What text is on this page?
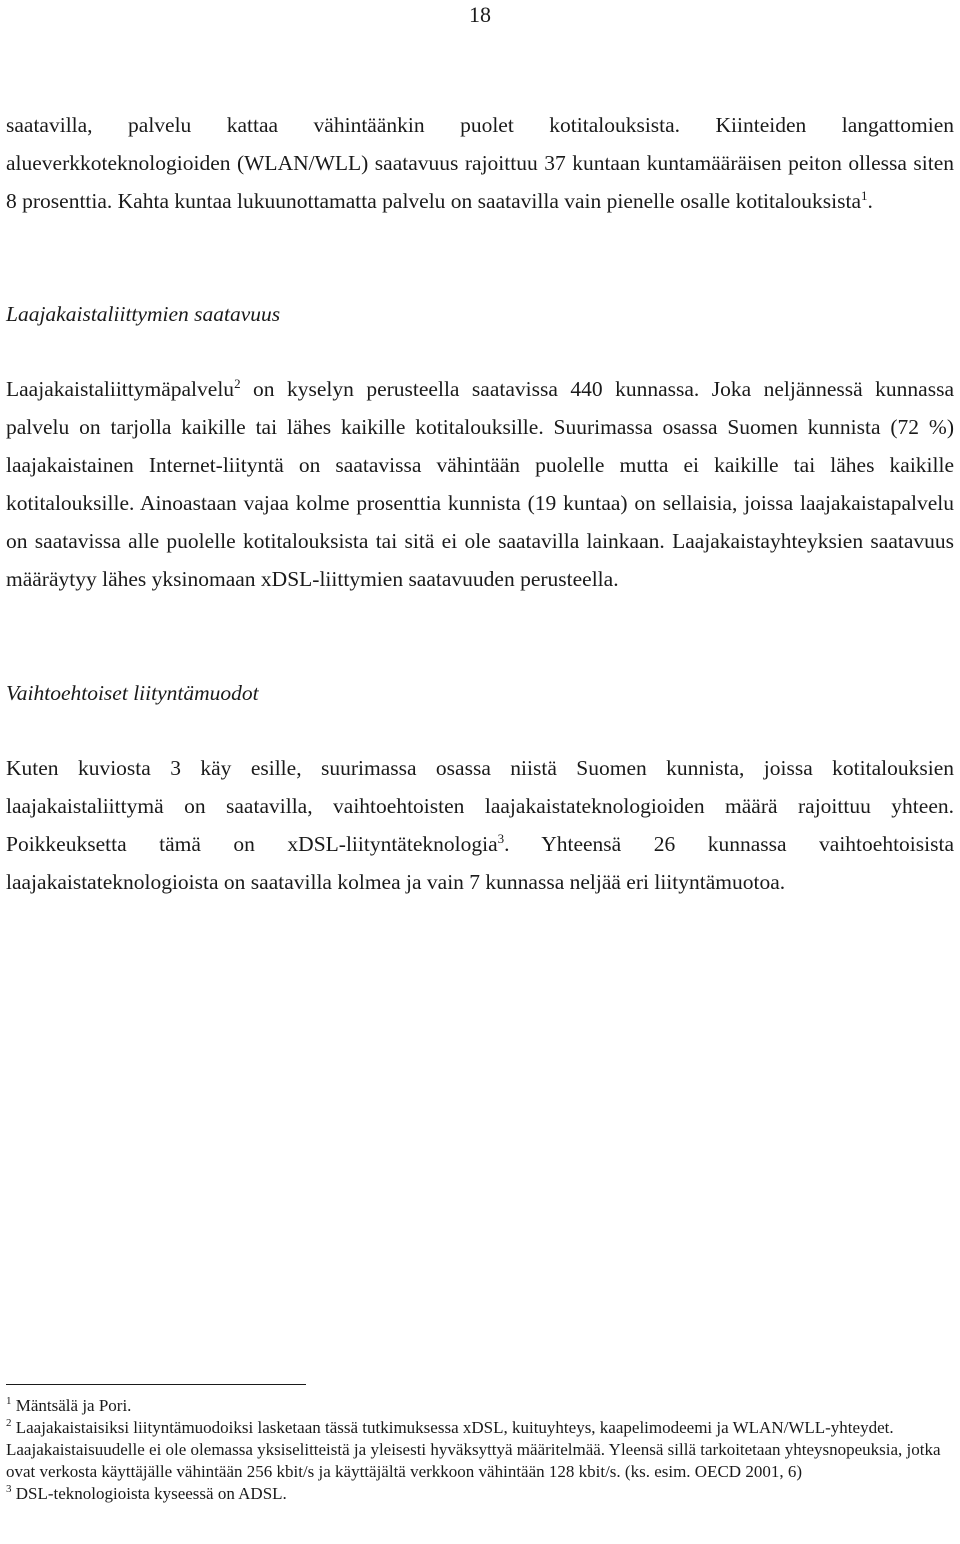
18

saatavilla, palvelu kattaa vähintäänkin puolet kotitalouksista. Kiinteiden langattomien alueverkkoteknologioiden (WLAN/WLL) saatavuus rajoittuu 37 kuntaan kuntamääräisen peiton ollessa siten 8 prosenttia. Kahta kuntaa lukuunottamatta palvelu on saatavilla vain pienelle osalle kotitalouksista$^1$.

Laajakaistaliittymien saatavuus

Laajakaistaliittymäpalvelu$^2$ on kyselyn perusteella saatavissa 440 kunnassa. Joka neljännessä kunnassa palvelu on tarjolla kaikille tai lähes kaikille kotitalouksille. Suurimassa osassa Suomen kunnista (72 %) laajakaistainen Internet-liityntä on saatavissa vähintään puolelle mutta ei kaikille tai lähes kaikille kotitalouksille. Ainoastaan vajaa kolme prosenttia kunnista (19 kuntaa) on sellaisia, joissa laajakaistapalvelu on saatavissa alle puolelle kotitalouksista tai sitä ei ole saatavilla lainkaan. Laajakaistayhteyksien saatavuus määräytyy lähes yksinomaan xDSL-liittymien saatavuuden perusteella.

Vaihtoehtoiset liityntämuodot

Kuten kuviosta 3 käy esille, suurimassa osassa niistä Suomen kunnista, joissa kotitalouksien laajakaistaliittymä on saatavilla, vaihtoehtoisten laajakaistateknologioiden määrä rajoittuu yhteen. Poikkeuksetta tämä on xDSL-liityntäteknologia$^3$. Yhteensä 26 kunnassa vaihtoehtoisista laajakaistateknologioista on saatavilla kolmea ja vain 7 kunnassa neljää eri liityntämuotoa.

$^1$ Mäntsälä ja Pori.

$^2$ Laajakaistaisiksi liityntämuodoiksi lasketaan tässä tutkimuksessa xDSL, kuituyhteys, kaapelimodeemi ja WLAN/WLL-yhteydet. Laajakaistaisuudelle ei ole olemassa yksiselitteistä ja yleisesti hyväksyttyä määritelmää. Yleensä sillä tarkoitetaan yhteysnopeuksia, jotka ovat verkosta käyttäjälle vähintään 256 kbit/s ja käyttäjältä verkkoon vähintään 128 kbit/s. (ks. esim. OECD 2001, 6)

$^3$ DSL-teknologioista kyseessä on ADSL.
